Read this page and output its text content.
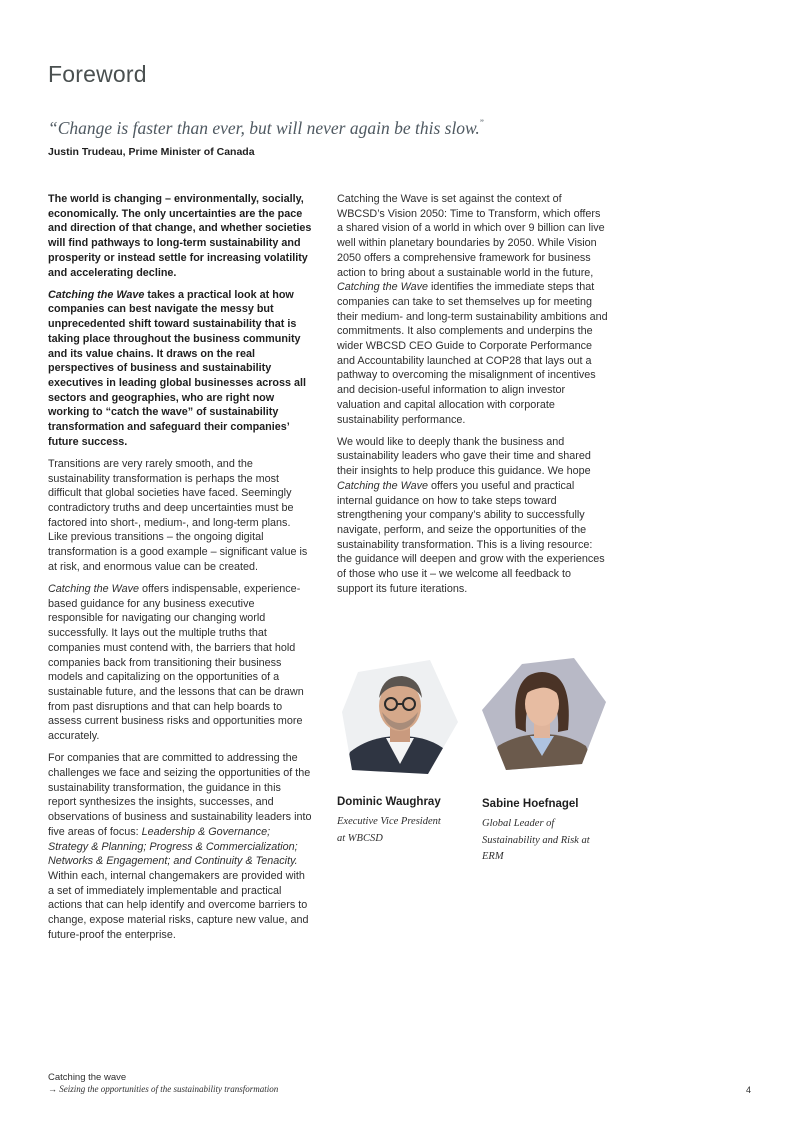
Foreword
“Change is faster than ever, but will never again be this slow.”
Justin Trudeau, Prime Minister of Canada

The world is changing – environmentally, socially, economically. The only uncertainties are the pace and direction of that change, and whether societies will find pathways to long-term sustainability and prosperity or instead settle for increasing volatility and accelerating decline.

Catching the Wave takes a practical look at how companies can best navigate the messy but unprecedented shift toward sustainability that is taking place throughout the business community and its value chains. It draws on the real perspectives of business and sustainability executives in leading global businesses across all sectors and geographies, who are right now working to “catch the wave” of sustainability transformation and safeguard their companies’ future success.

Transitions are very rarely smooth, and the sustainability transformation is perhaps the most difficult that global societies have faced. Seemingly contradictory truths and deep uncertainties must be factored into short-, medium-, and long-term plans. Like previous transitions – the ongoing digital transformation is a good example – significant value is at risk, and enormous value can be created.

Catching the Wave offers indispensable, experience-based guidance for any business executive responsible for navigating our changing world successfully. It lays out the multiple truths that companies must contend with, the barriers that hold companies back from transitioning their business models and capitalizing on the opportunities of a sustainable future, and the lessons that can be drawn from past disruptions and that can help boards to assess current business risks and opportunities more accurately.

For companies that are committed to addressing the challenges we face and seizing the opportunities of the sustainability transformation, the guidance in this report synthesizes the insights, successes, and observations of business and sustainability leaders into five areas of focus: Leadership & Governance; Strategy & Planning; Progress & Commercialization; Networks & Engagement; and Continuity & Tenacity. Within each, internal changemakers are provided with a set of immediately implementable and practical actions that can help identify and overcome barriers to change, expose material risks, capture new value, and future-proof the enterprise.

Catching the Wave is set against the context of WBCSD’s Vision 2050: Time to Transform, which offers a shared vision of a world in which over 9 billion can live well within planetary boundaries by 2050. While Vision 2050 offers a comprehensive framework for business action to bring about a sustainable world in the future, Catching the Wave identifies the immediate steps that companies can take to set themselves up for meeting their medium- and long-term sustainability ambitions and commitments. It also complements and underpins the wider WBCSD CEO Guide to Corporate Performance and Accountability launched at COP28 that lays out a pathway to overcoming the misalignment of incentives and decision-useful information to align investor valuation and capital allocation with corporate sustainability performance.

We would like to deeply thank the business and sustainability leaders who gave their time and shared their insights to help produce this guidance. We hope Catching the Wave offers you useful and practical internal guidance on how to take steps toward strengthening your company’s ability to successfully navigate, perform, and seize the opportunities of the sustainability transformation. This is a living resource: the guidance will deepen and grow with the experiences of those who use it – we welcome all feedback to support its future iterations.

Dominic Waughray
Executive Vice President at WBCSD
Sabine Hoefnagel
Global Leader of Sustainability and Risk at ERM
Catching the wave
→ Seizing the opportunities of the sustainability transformation	4
